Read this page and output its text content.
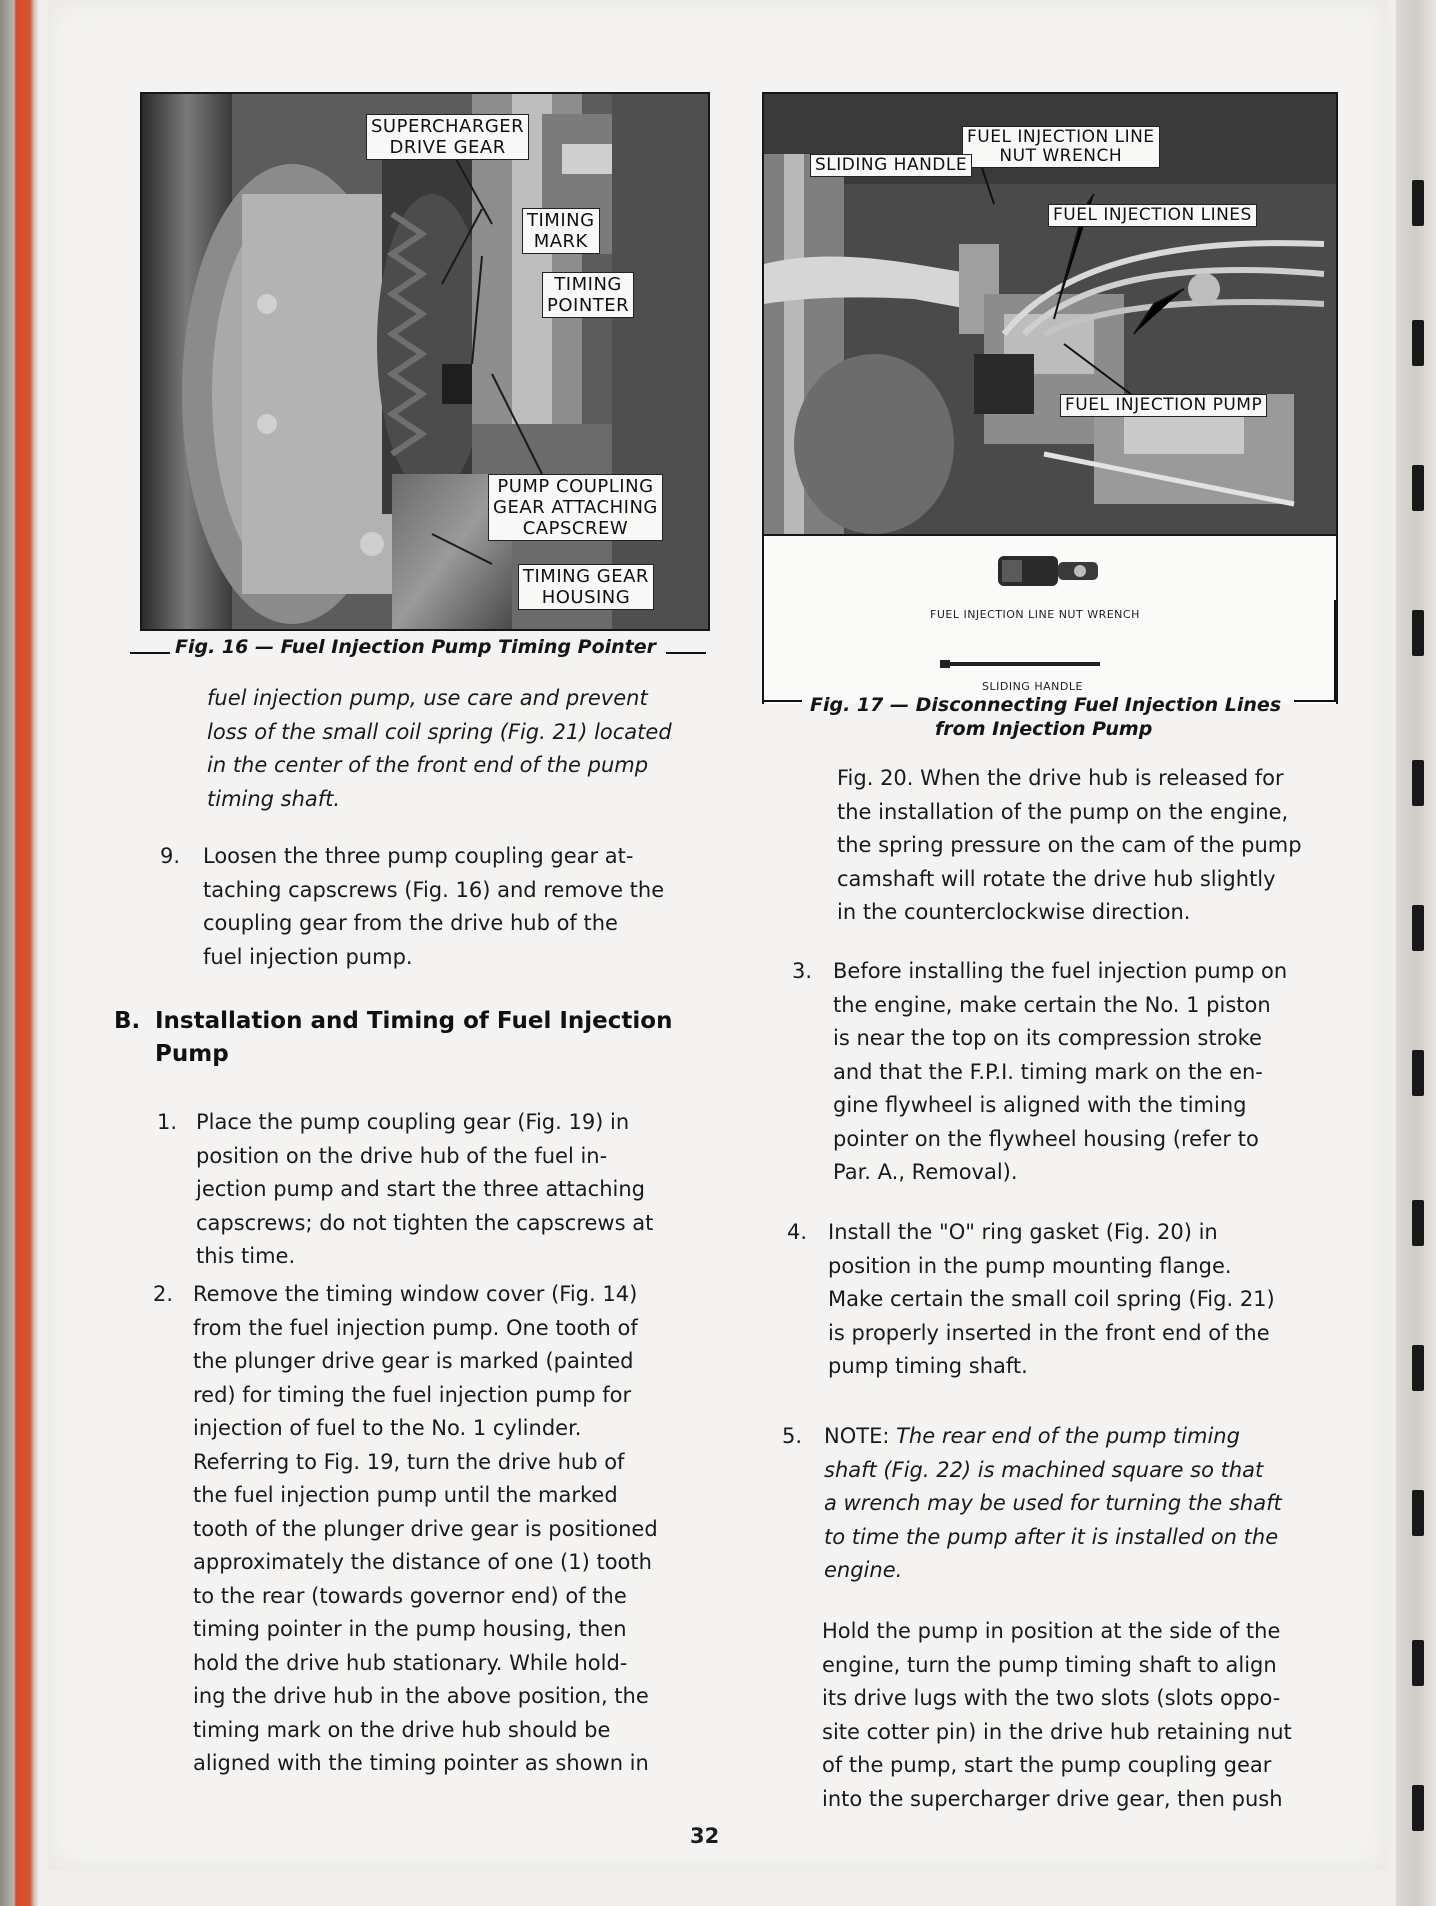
SUPERCHARGER
DRIVE GEAR
TIMING
MARK
TIMING
POINTER
PUMP COUPLING
GEAR ATTACHING
CAPSCREW
TIMING GEAR
HOUSING
Fig. 16 — Fuel Injection Pump Timing Pointer
FUEL INJECTION LINE
NUT WRENCH
SLIDING HANDLE
FUEL INJECTION LINES
FUEL INJECTION PUMP
FUEL INJECTION LINE NUT WRENCH
SLIDING HANDLE
Fig. 17 — Disconnecting Fuel Injection Lines
from Injection Pump
fuel injection pump, use care and prevent
loss of the small coil spring (Fig. 21) located
in the center of the front end of the pump
timing shaft.
9. Loosen the three pump coupling gear at-
taching capscrews (Fig. 16) and remove the
coupling gear from the drive hub of the
fuel injection pump.
B. Installation and Timing of Fuel Injection
Pump
1. Place the pump coupling gear (Fig. 19) in
position on the drive hub of the fuel in-
jection pump and start the three attaching
capscrews; do not tighten the capscrews at
this time.
2. Remove the timing window cover (Fig. 14)
from the fuel injection pump. One tooth of
the plunger drive gear is marked (painted
red) for timing the fuel injection pump for
injection of fuel to the No. 1 cylinder.
Referring to Fig. 19, turn the drive hub of
the fuel injection pump until the marked
tooth of the plunger drive gear is positioned
approximately the distance of one (1) tooth
to the rear (towards governor end) of the
timing pointer in the pump housing, then
hold the drive hub stationary. While hold-
ing the drive hub in the above position, the
timing mark on the drive hub should be
aligned with the timing pointer as shown in
Fig. 20. When the drive hub is released for
the installation of the pump on the engine,
the spring pressure on the cam of the pump
camshaft will rotate the drive hub slightly
in the counterclockwise direction.
3. Before installing the fuel injection pump on
the engine, make certain the No. 1 piston
is near the top on its compression stroke
and that the F.P.I. timing mark on the en-
gine flywheel is aligned with the timing
pointer on the flywheel housing (refer to
Par. A., Removal).
4. Install the "O" ring gasket (Fig. 20) in
position in the pump mounting flange.
Make certain the small coil spring (Fig. 21)
is properly inserted in the front end of the
pump timing shaft.
5. NOTE: The rear end of the pump timing
shaft (Fig. 22) is machined square so that
a wrench may be used for turning the shaft
to time the pump after it is installed on the
engine.
Hold the pump in position at the side of the
engine, turn the pump timing shaft to align
its drive lugs with the two slots (slots oppo-
site cotter pin) in the drive hub retaining nut
of the pump, start the pump coupling gear
into the supercharger drive gear, then push
32
